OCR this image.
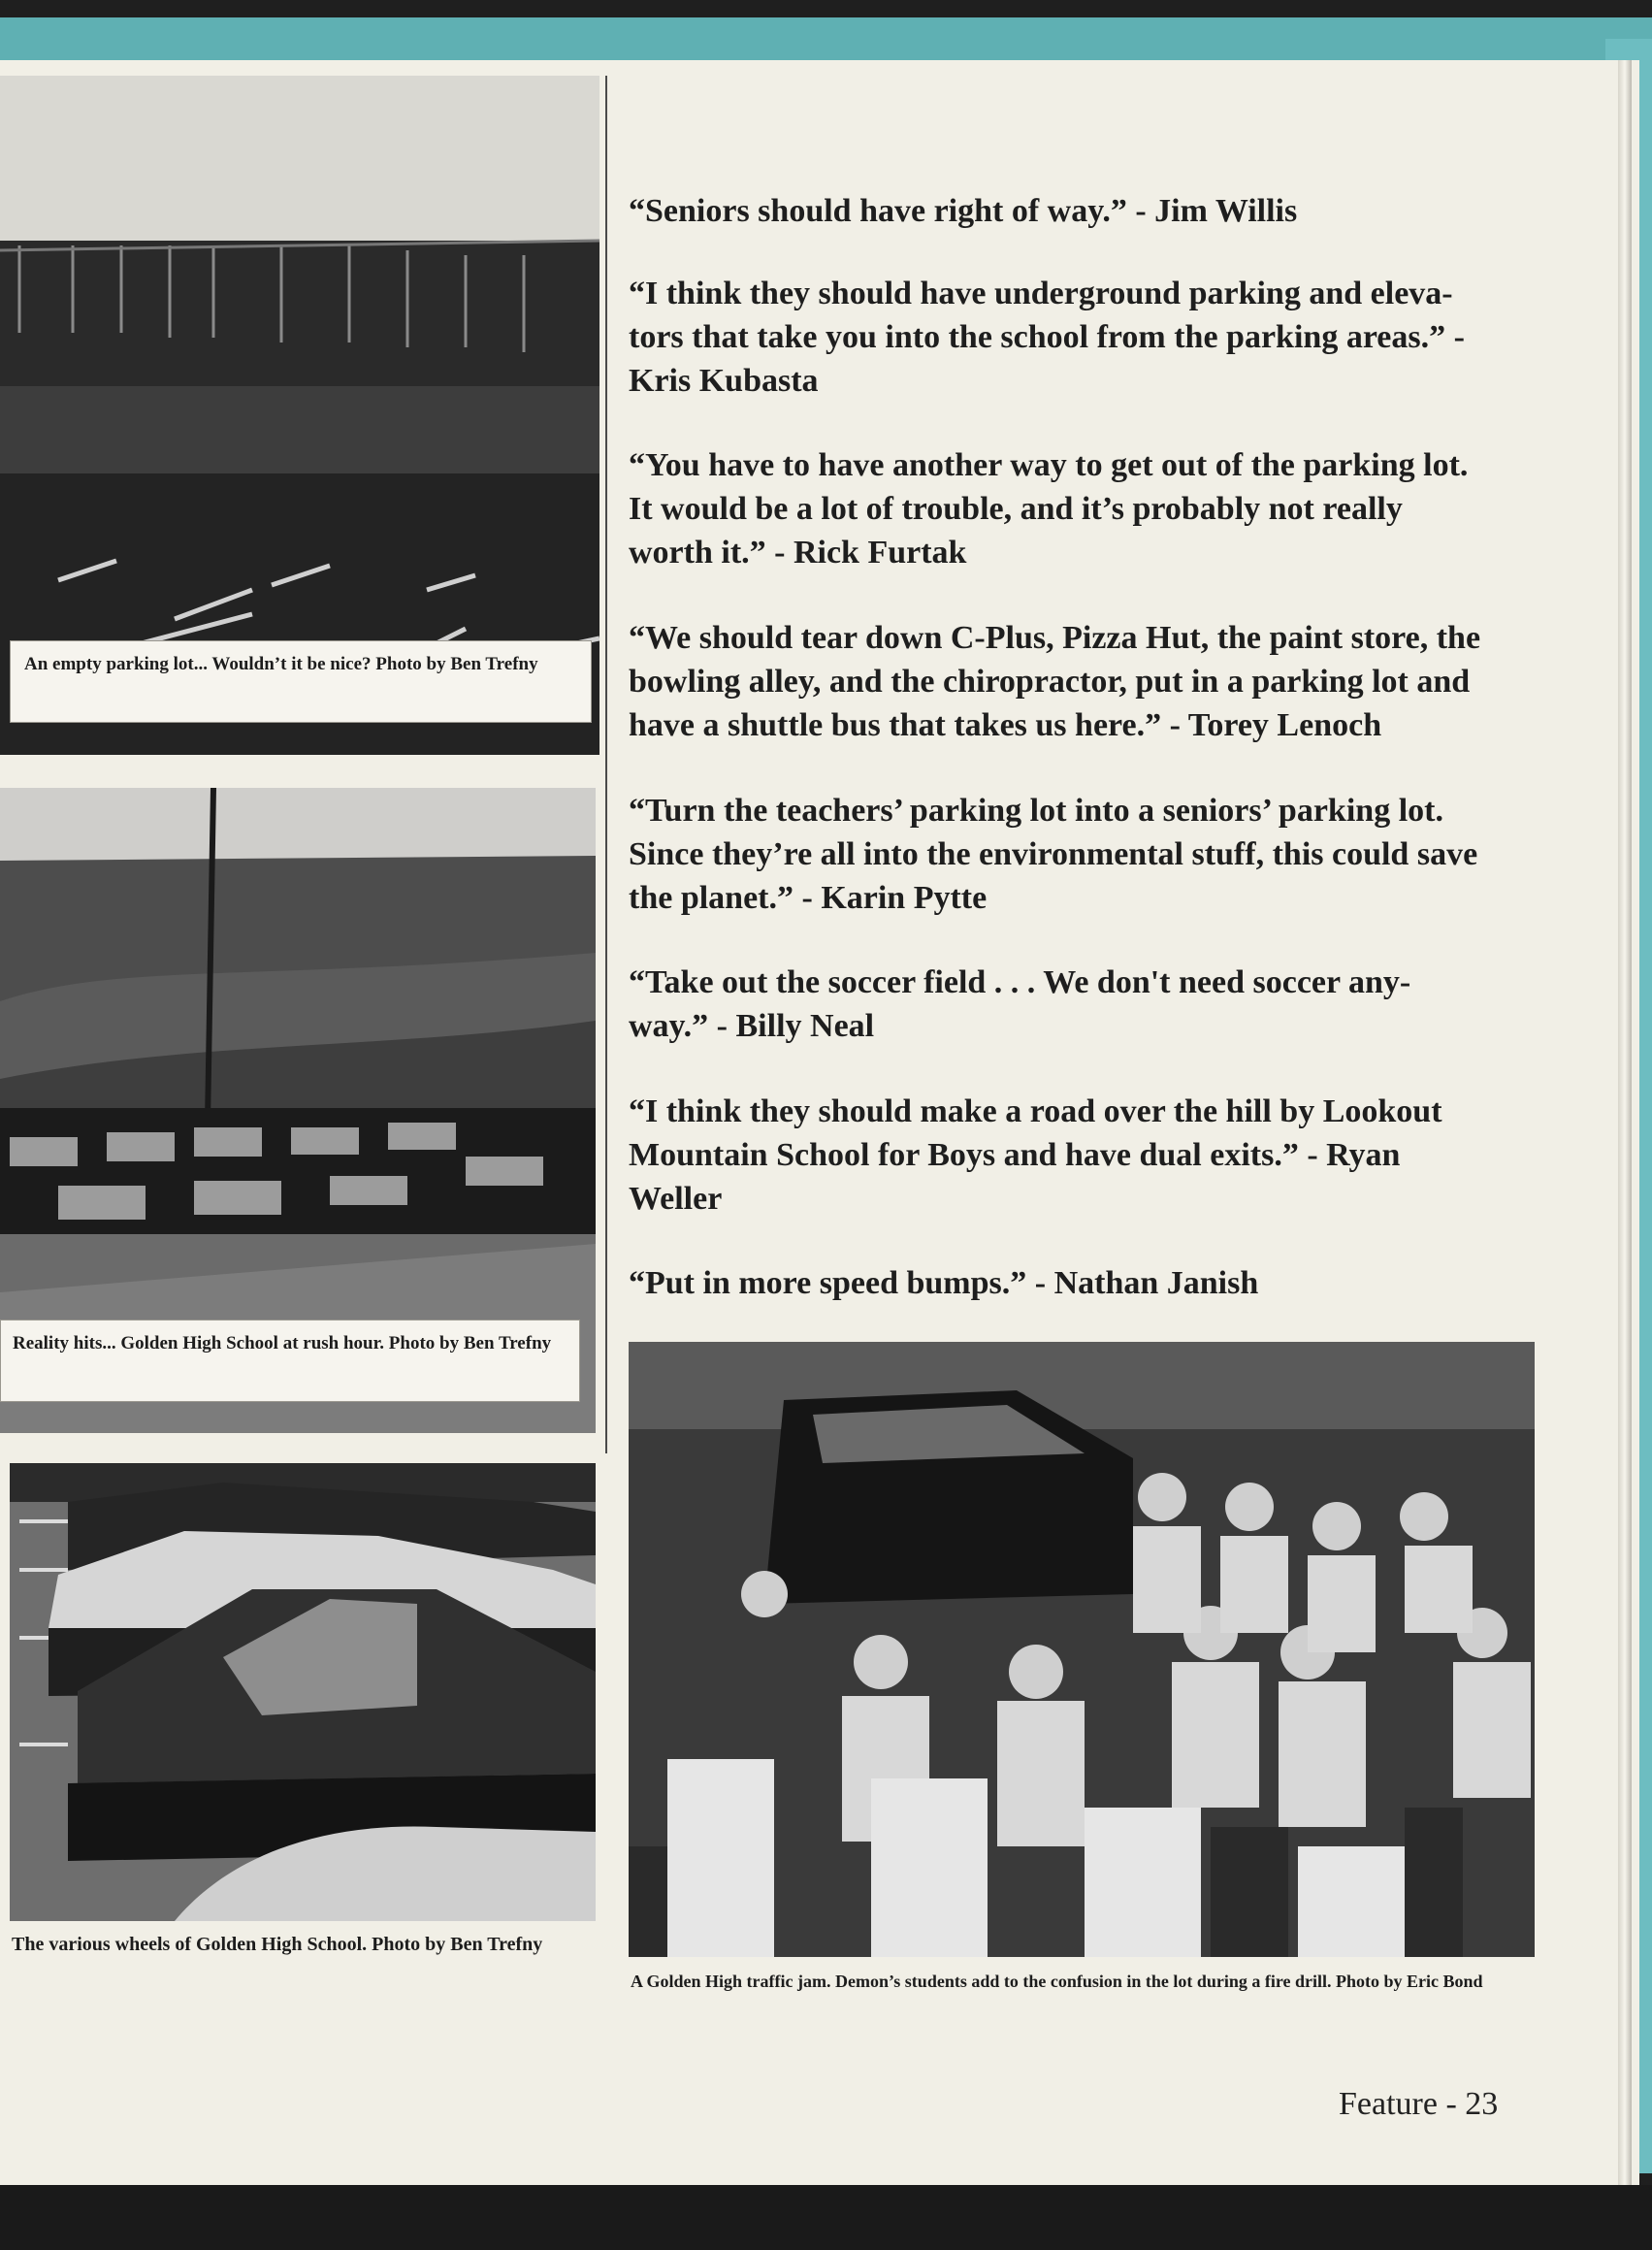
An empty parking lot... Wouldn’t it be nice? Photo by Ben Trefny
Reality hits... Golden High School at rush hour. Photo by Ben Trefny
The various wheels of Golden High School. Photo by Ben Trefny
A Golden High traffic jam. Demon’s students add to the confusion in the lot during a fire drill. Photo by Eric Bond
“Seniors should have right of way.” - Jim Willis
“I think they should have underground parking and eleva-tors that take you into the school from the parking areas.” - Kris Kubasta
“You have to have another way to get out of the parking lot. It would be a lot of trouble, and it’s probably not really worth it.” - Rick Furtak
“We should tear down C-Plus, Pizza Hut, the paint store, the bowling alley, and the chiropractor, put in a parking lot and have a shuttle bus that takes us here.” - Torey Lenoch
“Turn the teachers’ parking lot into a seniors’ parking lot. Since they’re all into the environmental stuff, this could save the planet.” - Karin Pytte
“Take out the soccer field . . . We don't need soccer any-way.” - Billy Neal
“I think they should make a road over the hill by Lookout Mountain School for Boys and have dual exits.” - Ryan Weller
“Put in more speed bumps.” - Nathan Janish
Feature - 23
